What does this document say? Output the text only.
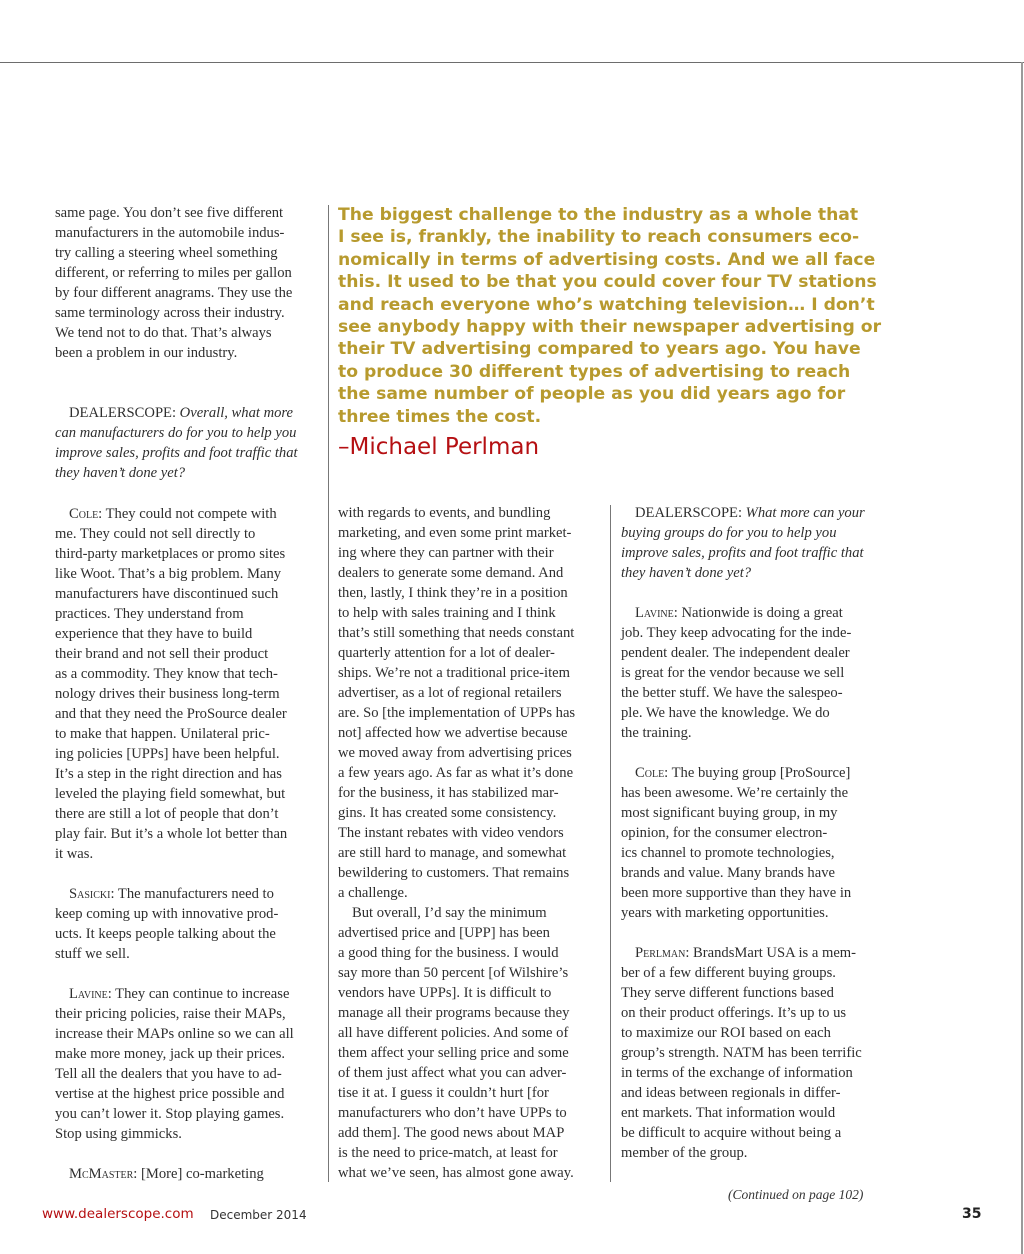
The biggest challenge to the industry as a whole that
I see is, frankly, the inability to reach consumers eco-
nomically in terms of advertising costs. And we all face
this. It used to be that you could cover four TV stations
and reach everyone who’s watching television… I don’t
see anybody happy with their newspaper advertising or
their TV advertising compared to years ago. You have
to produce 30 different types of advertising to reach
the same number of people as you did years ago for
three times the cost.
–Michael Perlman

same page. You don’t see five different
manufacturers in the automobile indus-
try calling a steering wheel something
different, or referring to miles per gallon
by four different anagrams. They use the
same terminology across their industry.
We tend not to do that. That’s always
been a problem in our industry.

DEALERSCOPE: Overall, what more
can manufacturers do for you to help you
improve sales, profits and foot traffic that
they haven’t done yet?

Cole: They could not compete with
me. They could not sell directly to
third-party marketplaces or promo sites
like Woot. That’s a big problem. Many
manufacturers have discontinued such
practices. They understand from
experience that they have to build
their brand and not sell their product
as a commodity. They know that tech-
nology drives their business long-term
and that they need the ProSource dealer
to make that happen. Unilateral pric-
ing policies [UPPs] have been helpful.
It’s a step in the right direction and has
leveled the playing field somewhat, but
there are still a lot of people that don’t
play fair. But it’s a whole lot better than
it was.

Sasicki: The manufacturers need to
keep coming up with innovative prod-
ucts. It keeps people talking about the
stuff we sell.

Lavine: They can continue to increase
their pricing policies, raise their MAPs,
increase their MAPs online so we can all
make more money, jack up their prices.
Tell all the dealers that you have to ad-
vertise at the highest price possible and
you can’t lower it. Stop playing games.
Stop using gimmicks.

McMaster: [More] co-marketing

with regards to events, and bundling
marketing, and even some print market-
ing where they can partner with their
dealers to generate some demand. And
then, lastly, I think they’re in a position
to help with sales training and I think
that’s still something that needs constant
quarterly attention for a lot of dealer-
ships. We’re not a traditional price-item
advertiser, as a lot of regional retailers
are. So [the implementation of UPPs has
not] affected how we advertise because
we moved away from advertising prices
a few years ago. As far as what it’s done
for the business, it has stabilized mar-
gins. It has created some consistency.
The instant rebates with video vendors
are still hard to manage, and somewhat
bewildering to customers. That remains
a challenge.

But overall, I’d say the minimum
advertised price and [UPP] has been
a good thing for the business. I would
say more than 50 percent [of Wilshire’s
vendors have UPPs]. It is difficult to
manage all their programs because they
all have different policies. And some of
them affect your selling price and some
of them just affect what you can adver-
tise it at. I guess it couldn’t hurt [for
manufacturers who don’t have UPPs to
add them]. The good news about MAP
is the need to price-match, at least for
what we’ve seen, has almost gone away.

DEALERSCOPE: What more can your
buying groups do for you to help you
improve sales, profits and foot traffic that
they haven’t done yet?

Lavine: Nationwide is doing a great
job. They keep advocating for the inde-
pendent dealer. The independent dealer
is great for the vendor because we sell
the better stuff. We have the salespeo-
ple. We have the knowledge. We do
the training.

Cole: The buying group [ProSource]
has been awesome. We’re certainly the
most significant buying group, in my
opinion, for the consumer electron-
ics channel to promote technologies,
brands and value. Many brands have
been more supportive than they have in
years with marketing opportunities.

Perlman: BrandsMart USA is a mem-
ber of a few different buying groups.
They serve different functions based
on their product offerings. It’s up to us
to maximize our ROI based on each
group’s strength. NATM has been terrific
in terms of the exchange of information
and ideas between regionals in differ-
ent markets. That information would
be difficult to acquire without being a
member of the group.

(Continued on page 102)
www.dealerscope.com December 2014	35
